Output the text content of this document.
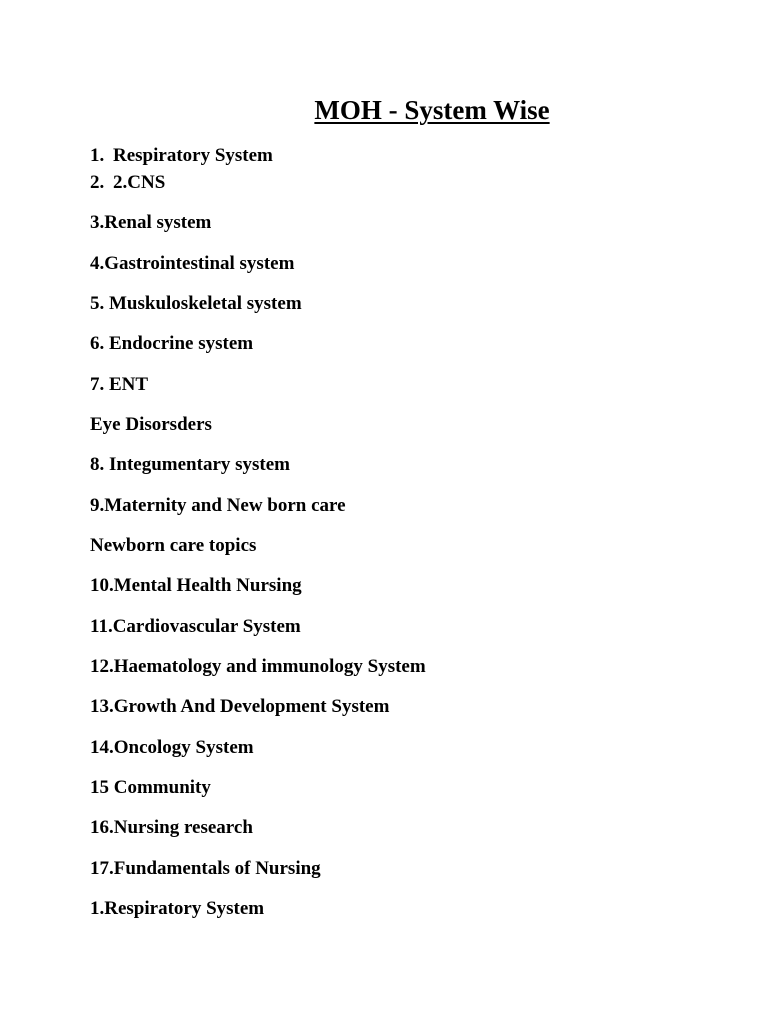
MOH - System Wise
1. Respiratory System
2. 2.CNS
3.Renal system
4.Gastrointestinal system
5. Muskuloskeletal system
6. Endocrine system
7. ENT
Eye Disorsders
8. Integumentary system
9.Maternity and New born care
Newborn care topics
10.Mental Health Nursing
11.Cardiovascular System
12.Haematology and immunology System
13.Growth And Development System
14.Oncology System
15 Community
16.Nursing research
17.Fundamentals of Nursing
1.Respiratory System
